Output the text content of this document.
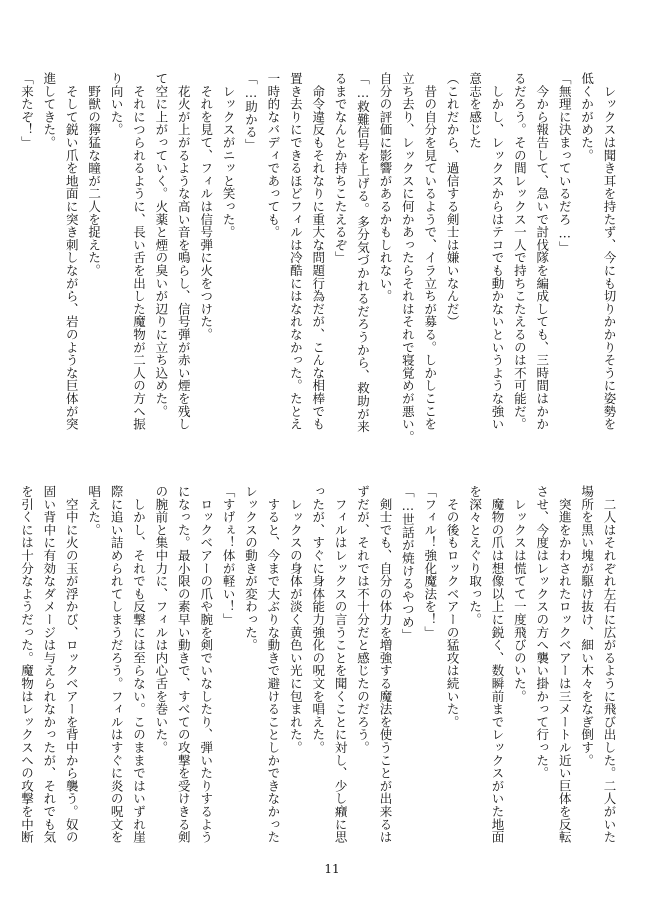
　レックスは聞き耳を持たず、今にも切りかかりそうに姿勢を
低くかがめた。
「無理に決まっているだろ…」
　今から報告して、急いで討伐隊を編成しても、三時間はかか
るだろう。その間レックス一人で持ちこたえるのは不可能だ。
　しかし、レックスからはテコでも動かないというような強い
意志を感じた
（これだから、過信する剣士は嫌いなんだ）
　昔の自分を見ているようで、イラ立ちが募る。しかしここを
立ち去り、レックスに何かあったらそれはそれで寝覚めが悪い。
自分の評価に影響があるかもしれない。
「…救難信号を上げる。多分気づかれるだろうから、救助が来
るまでなんとか持ちこたえるぞ」
　命令違反もそれなりに重大な問題行為だが、こんな相棒でも
置き去りにできるほどフィルは冷酷にはなれなかった。たとえ
一時的なバディであっても。
「…助かる」
　レックスがニッと笑った。
　それを見て、フィルは信号弾に火をつけた。
　花火が上がるような高い音を鳴らし、信号弾が赤い煙を残し
て空に上がっていく。火薬と煙の臭いが辺りに立ち込めた。
　それにつられるように、長い舌を出した魔物が二人の方へ振
り向いた。
　野獣の獰猛な瞳が二人を捉えた。
　そして鋭い爪を地面に突き刺しながら、岩のような巨体が突
進してきた。
「来たぞ！」
　二人はそれぞれ左右に広がるように飛び出した。二人がいた
場所を黒い塊が駆け抜け、細い木々をなぎ倒す。
　突進をかわされたロックベアーは三メートル近い巨体を反転
させ、今度はレックスの方へ襲い掛かって行った。
　レックスは慌てて一度飛びのいた。
　魔物の爪は想像以上に鋭く、数瞬前までレックスがいた地面
を深々とえぐり取った。
　その後もロックベアーの猛攻は続いた。
「フィル！強化魔法を！」
「…世話が焼けるやつめ」
　剣士でも、自分の体力を増強する魔法を使うことが出来るは
ずだが、それでは不十分だと感じたのだろう。
　フィルはレックスの言うことを聞くことに対し、少し癪に思
ったが、すぐに身体能力強化の呪文を唱えた。
　レックスの身体が淡く黄色い光に包まれた。
　すると、今まで大ぶりな動きで避けることしかできなかった
レックスの動きが変わった。
「すげぇ！体が軽い！」
　ロックベアーの爪や腕を剣でいなしたり、弾いたりするよう
になった。最小限の素早い動きで、すべての攻撃を受けきる剣
の腕前と集中力に、フィルは内心舌を巻いた。
　しかし、それでも反撃には至らない。このままではいずれ崖
際に追い詰められてしまうだろう。フィルはすぐに炎の呪文を
唱えた。
　空中に火の玉が浮かび、ロックベアーを背中から襲う。奴の
固い背中に有効なダメージは与えられなかったが、それでも気
を引くには十分なようだった。魔物はレックスへの攻撃を中断
11
